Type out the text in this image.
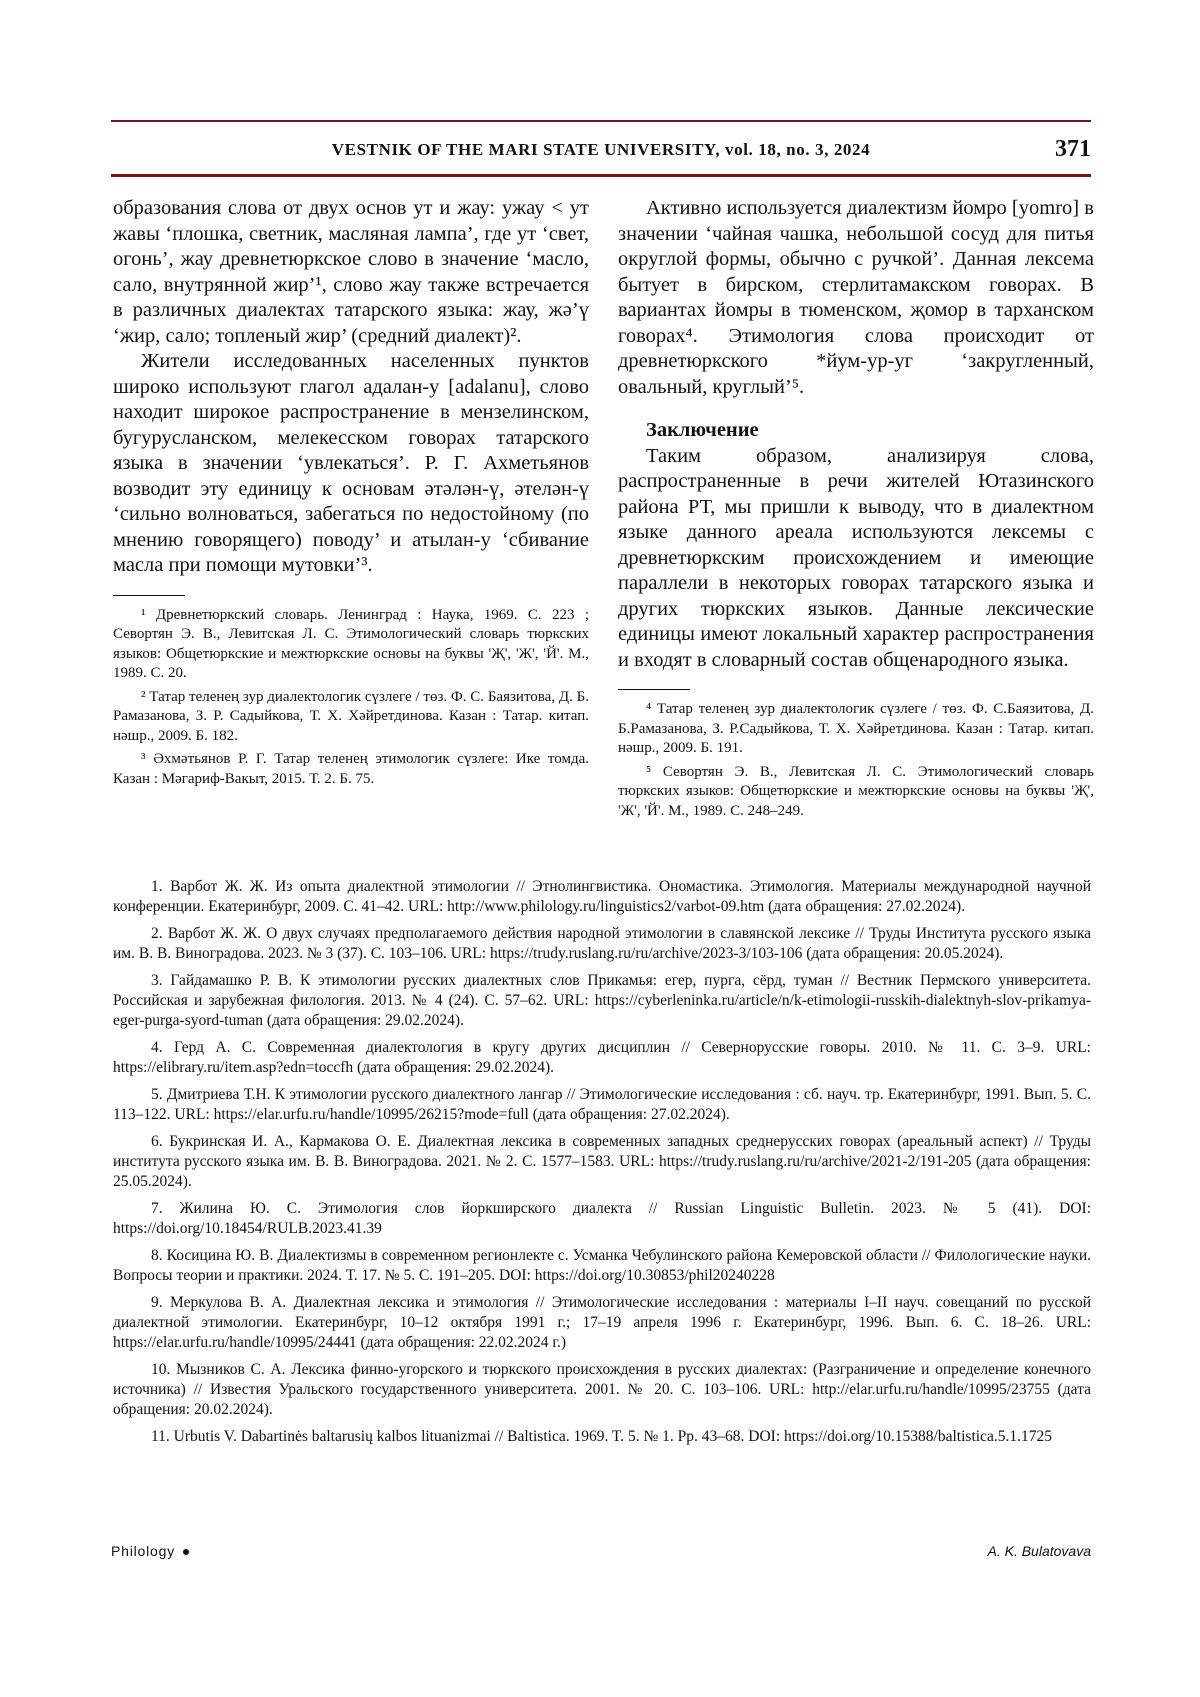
VESTNIK OF THE MARI STATE UNIVERSITY, vol. 18, no. 3, 2024	371

образования слова от двух основ ут и жау: ужау < ут жавы ‘плошка, светник, масляная лампа’, где ут ‘свет, огонь’, жау древнетюркское слово в значение ‘масло, сало, внутрянной жир’¹, слово жау также встречается в различных диалектах татарского языка: жау, жә’ү ‘жир, сало; топленый жир’ (средний диалект)².

Жители исследованных населенных пунктов широко используют глагол адалан-у [adalanu], слово находит широкое распространение в мензелинском, бугурусланском, мелекесском говорах татарского языка в значении ‘увлекаться’. Р. Г. Ахметьянов возводит эту единицу к основам әтәлән-ү, әтелән-ү ‘сильно волноваться, забегаться по недостойному (по мнению говорящего) поводу’ и атылан-у ‘сбивание масла при помощи мутовки’³.

¹ Древнетюркский словарь. Ленинград : Наука, 1969. С. 223 ; Севортян Э. В., Левитская Л. С. Этимологический словарь тюркских языков: Общетюркские и межтюркские основы на буквы 'Җ', 'Ж', 'Й'. М., 1989. С. 20.

² Татар теленең зур диалектологик сүзлеге / төз. Ф. С. Баязитова, Д. Б. Рамазанова, З. Р. Садыйкова, Т. Х. Хәйретдинова. Казан : Татар. китап. нәшр., 2009. Б. 182.

³ Әхмәтьянов Р. Г. Татар теленең этимологик сүзлеге: Ике томда. Казан : Мәгариф-Вакыт, 2015. Т. 2. Б. 75.

Активно используется диалектизм йомро [yomro] в значении ‘чайная чашка, небольшой сосуд для питья округлой формы, обычно с ручкой’. Данная лексема бытует в бирском, стерлитамакском говорах. В вариантах йомры в тюменском, җомор в тарханском говорах⁴. Этимология слова происходит от древнетюркского *йум-ур-уг ‘закругленный, овальный, круглый’⁵.

Заключение

Таким образом, анализируя слова, распространенные в речи жителей Ютазинского района РТ, мы пришли к выводу, что в диалектном языке данного ареала используются лексемы с древнетюркским происхождением и имеющие параллели в некоторых говорах татарского языка и других тюркских языков. Данные лексические единицы имеют локальный характер распространения и входят в словарный состав общенародного языка.

⁴ Татар теленең зур диалектологик сүзлеге / төз. Ф. С.Баязитова, Д. Б.Рамазанова, З. Р.Садыйкова, Т. Х. Хәйретдинова. Казан : Татар. китап. нәшр., 2009. Б. 191.

⁵ Севортян Э. В., Левитская Л. С. Этимологический словарь тюркских языков: Общетюркские и межтюркские основы на буквы 'Җ', 'Ж', 'Й'. М., 1989. С. 248–249.

1. Варбот Ж. Ж. Из опыта диалектной этимологии // Этнолингвистика. Ономастика. Этимология. Материалы международной научной конференции. Екатеринбург, 2009. С. 41–42. URL: http://www.philology.ru/linguistics2/varbot-09.htm (дата обращения: 27.02.2024).

2. Варбот Ж. Ж. О двух случаях предполагаемого действия народной этимологии в славянской лексике // Труды Института русского языка им. В. В. Виноградова. 2023. № 3 (37). С. 103–106. URL: https://trudy.ruslang.ru/ru/archive/2023-3/103-106 (дата обращения: 20.05.2024).

3. Гайдамашко Р. В. К этимологии русских диалектных слов Прикамья: егер, пурга, сёрд, туман // Вестник Пермского университета. Российская и зарубежная филология. 2013. № 4 (24). С. 57–62. URL: https://cyberleninka.ru/article/n/k-etimologii-russkih-dialektnyh-slov-prikamya-eger-purga-syord-tuman (дата обращения: 29.02.2024).

4. Герд А. С. Современная диалектология в кругу других дисциплин // Севернорусские говоры. 2010. № 11. С. 3–9. URL: https://elibrary.ru/item.asp?edn=toccfh (дата обращения: 29.02.2024).

5. Дмитриева Т.Н. К этимологии русского диалектного лангар // Этимологические исследования : сб. науч. тр. Екатеринбург, 1991. Вып. 5. С. 113–122. URL: https://elar.urfu.ru/handle/10995/26215?mode=full (дата обращения: 27.02.2024).

6. Букринская И. А., Кармакова О. Е. Диалектная лексика в современных западных среднерусских говорах (ареальный аспект) // Труды института русского языка им. В. В. Виноградова. 2021. № 2. С. 1577–1583. URL: https://trudy.ruslang.ru/ru/archive/2021-2/191-205 (дата обращения: 25.05.2024).

7. Жилина Ю. С. Этимология слов йоркширского диалекта // Russian Linguistic Bulletin. 2023. № 5 (41). DOI: https://doi.org/10.18454/RULB.2023.41.39

8. Косицина Ю. В. Диалектизмы в современном регионлекте с. Усманка Чебулинского района Кемеровской области // Филологические науки. Вопросы теории и практики. 2024. Т. 17. № 5. С. 191–205. DOI: https://doi.org/10.30853/phil20240228

9. Меркулова В. А. Диалектная лексика и этимология // Этимологические исследования : материалы I–II науч. совещаний по русской диалектной этимологии. Екатеринбург, 10–12 октября 1991 г.; 17–19 апреля 1996 г. Екатеринбург, 1996. Вып. 6. С. 18–26. URL: https://elar.urfu.ru/handle/10995/24441 (дата обращения: 22.02.2024 г.)

10. Мызников С. А. Лексика финно-угорского и тюркского происхождения в русских диалектах: (Разграничение и определение конечного источника) // Известия Уральского государственного университета. 2001. № 20. С. 103–106. URL: http://elar.urfu.ru/handle/10995/23755 (дата обращения: 20.02.2024).

11. Urbutis V. Dabartinės baltarusių kalbos lituanizmai // Baltistica. 1969. T. 5. № 1. Pp. 43–68. DOI: https://doi.org/10.15388/baltistica.5.1.1725

Philology	A. K. Bulatovava
